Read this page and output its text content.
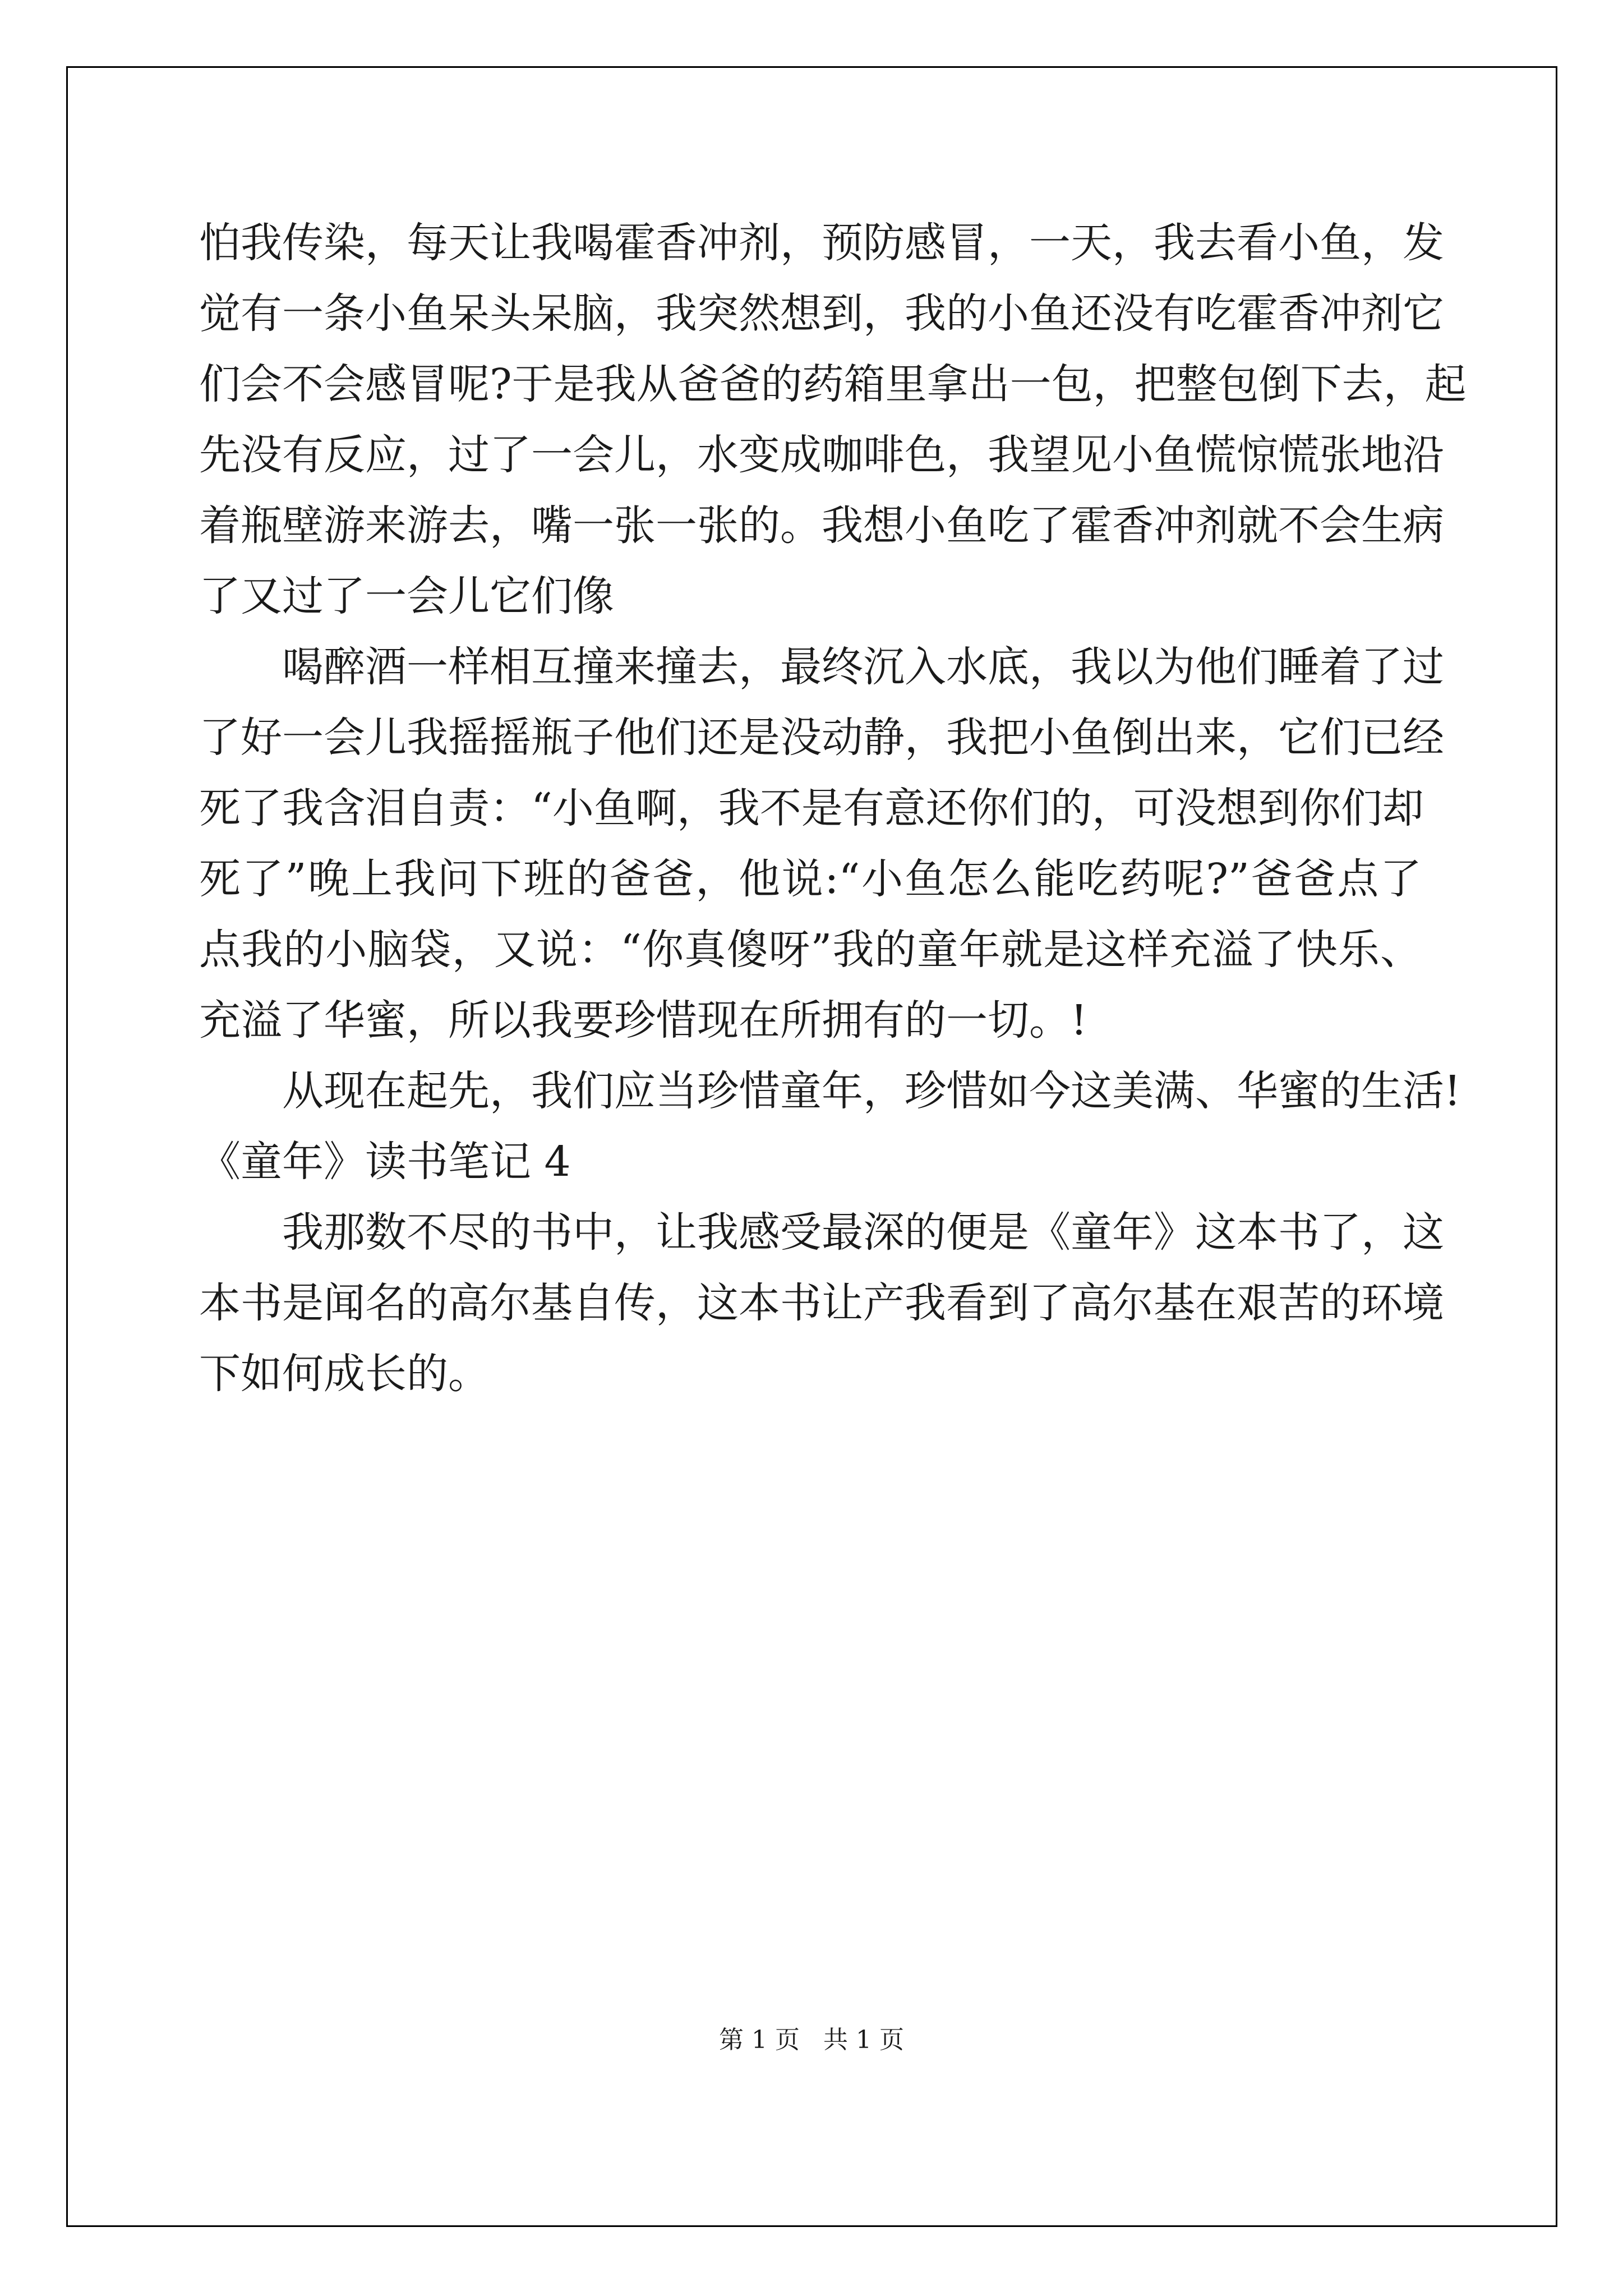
怕我传染，每天让我喝霍香冲剂，预防感冒，一天，我去看小鱼，发
觉有一条小鱼呆头呆脑，我突然想到，我的小鱼还没有吃霍香冲剂它
们会不会感冒呢?于是我从爸爸的药箱里拿出一包，把整包倒下去，起
先没有反应，过了一会儿，水变成咖啡色，我望见小鱼慌惊慌张地沿
着瓶壁游来游去，嘴一张一张的。我想小鱼吃了霍香冲剂就不会生病
了又过了一会儿它们像
喝醉酒一样相互撞来撞去，最终沉入水底，我以为他们睡着了过
了好一会儿我摇摇瓶子他们还是没动静，我把小鱼倒出来，它们已经
死了我含泪自责：“小鱼啊，我不是有意还你们的，可没想到你们却
死了”晚上我问下班的爸爸，他说:“小鱼怎么能吃药呢?”爸爸点了
点我的小脑袋，又说：“你真傻呀”我的童年就是这样充溢了快乐、
充溢了华蜜，所以我要珍惜现在所拥有的一切。!
从现在起先，我们应当珍惜童年，珍惜如今这美满、华蜜的生活!
《童年》读书笔记 4
我那数不尽的书中，让我感受最深的便是《童年》这本书了，这
本书是闻名的高尔基自传，这本书让产我看到了高尔基在艰苦的环境
下如何成长的。
第 1 页   共 1 页
